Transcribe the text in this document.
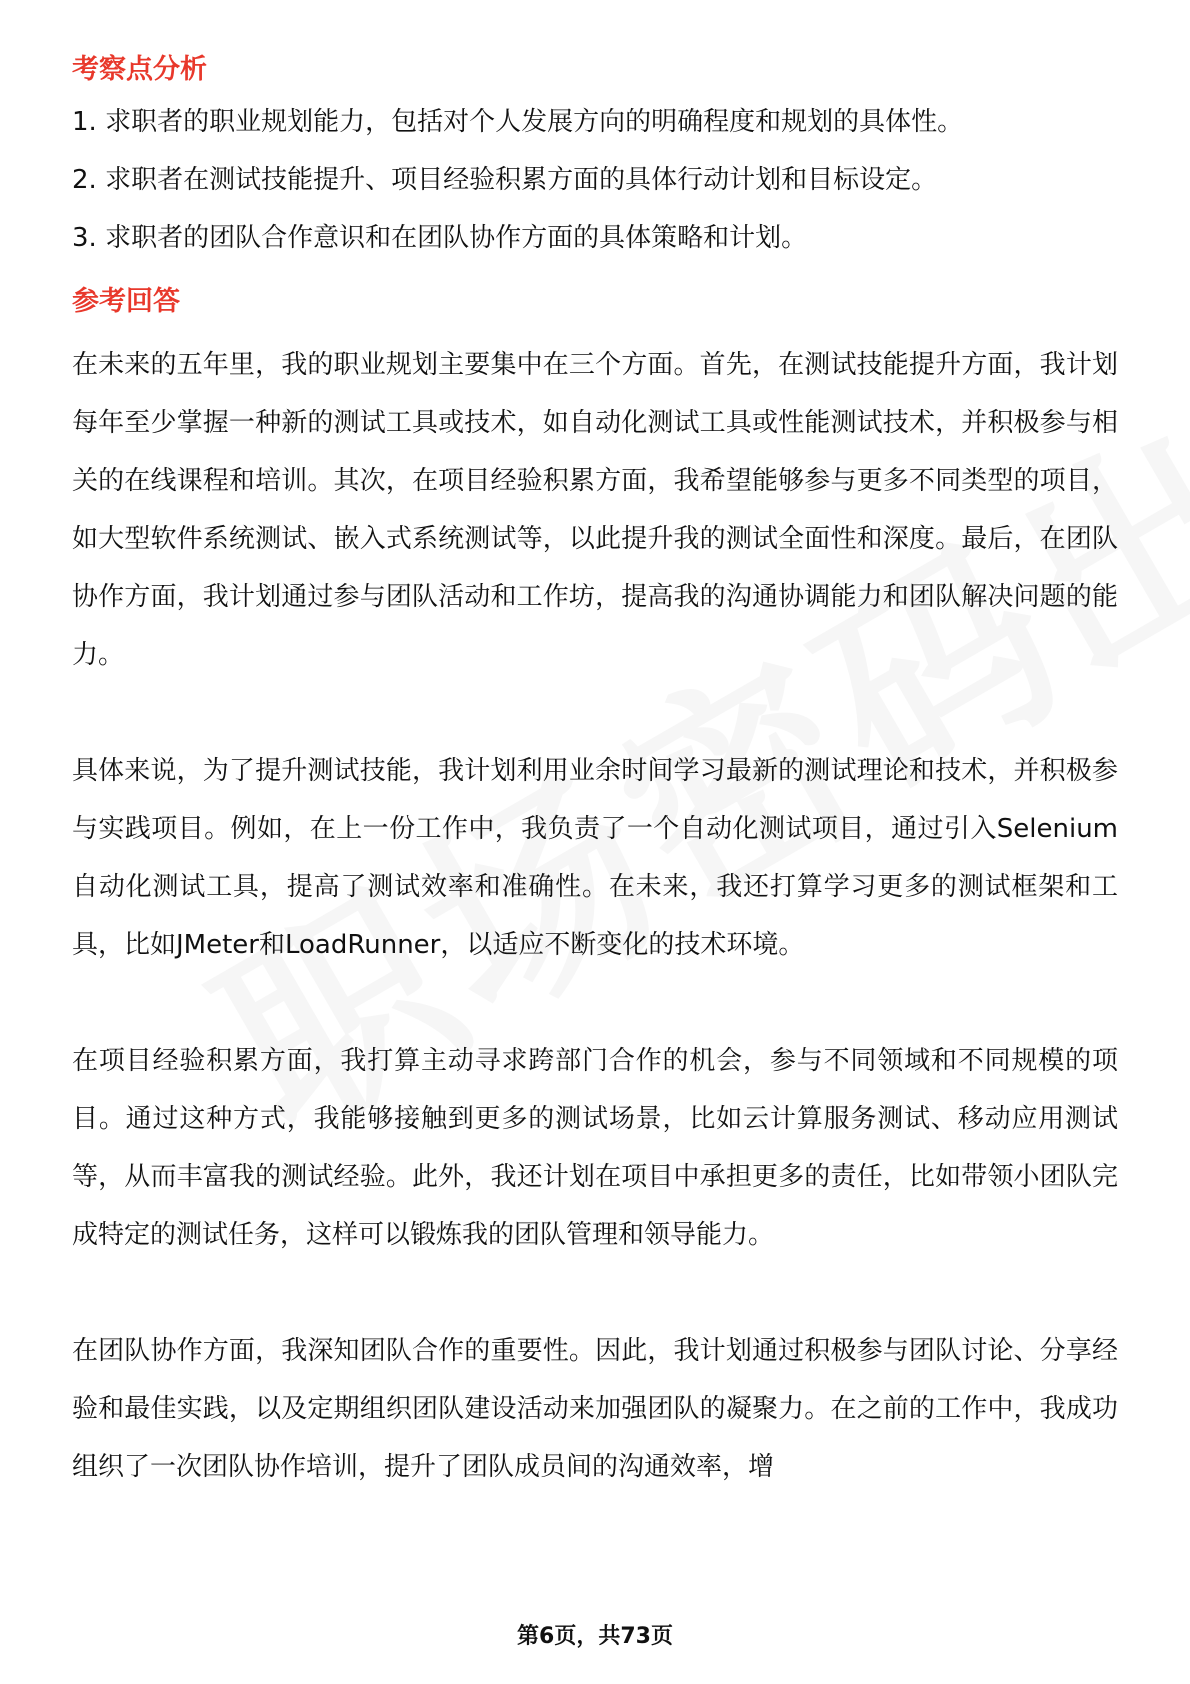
考察点分析

1. 求职者的职业规划能力，包括对个人发展方向的明确程度和规划的具体性。

2. 求职者在测试技能提升、项目经验积累方面的具体行动计划和目标设定。

3. 求职者的团队合作意识和在团队协作方面的具体策略和计划。

参考回答

在未来的五年里，我的职业规划主要集中在三个方面。首先，在测试技能提升方面，我计划每年至少掌握一种新的测试工具或技术，如自动化测试工具或性能测试技术，并积极参与相关的在线课程和培训。其次，在项目经验积累方面，我希望能够参与更多不同类型的项目，如大型软件系统测试、嵌入式系统测试等，以此提升我的测试全面性和深度。最后，在团队协作方面，我计划通过参与团队活动和工作坊，提高我的沟通协调能力和团队解决问题的能力。

具体来说，为了提升测试技能，我计划利用业余时间学习最新的测试理论和技术，并积极参与实践项目。例如，在上一份工作中，我负责了一个自动化测试项目，通过引入Selenium自动化测试工具，提高了测试效率和准确性。在未来，我还打算学习更多的测试框架和工具，比如JMeter和LoadRunner，以适应不断变化的技术环境。

在项目经验积累方面，我打算主动寻求跨部门合作的机会，参与不同领域和不同规模的项目。通过这种方式，我能够接触到更多的测试场景，比如云计算服务测试、移动应用测试等，从而丰富我的测试经验。此外，我还计划在项目中承担更多的责任，比如带领小团队完成特定的测试任务，这样可以锻炼我的团队管理和领导能力。

在团队协作方面，我深知团队合作的重要性。因此，我计划通过积极参与团队讨论、分享经验和最佳实践，以及定期组织团队建设活动来加强团队的凝聚力。在之前的工作中，我成功组织了一次团队协作培训，提升了团队成员间的沟通效率，增

第6页，共73页
